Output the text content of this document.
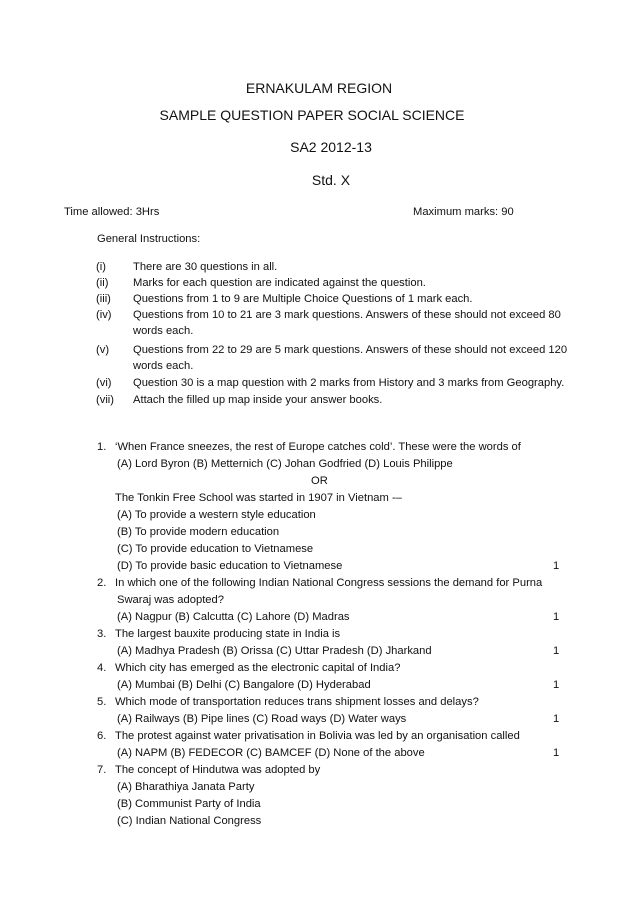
ERNAKULAM REGION
SAMPLE QUESTION PAPER SOCIAL SCIENCE
SA2 2012-13
Std. X
Time allowed: 3Hrs	Maximum marks: 90
General Instructions:
(i) There are 30 questions in all.
(ii) Marks for each question are indicated against the question.
(iii) Questions from 1 to 9 are Multiple Choice Questions of 1 mark each.
(iv) Questions from 10 to 21 are 3 mark questions. Answers of these should not exceed 80
words each.
(v) Questions from 22 to 29 are 5 mark questions. Answers of these should not exceed 120
words each.
(vi) Question 30 is a map question with 2 marks from History and 3 marks from Geography.
(vii) Attach the filled up map inside your answer books.
1. ‘When France sneezes, the rest of Europe catches cold’. These were the words of
(A) Lord Byron (B) Metternich (C) Johan Godfried (D) Louis Philippe
OR
The Tonkin Free School was started in 1907 in Vietnam -–
(A) To provide a western style education
(B) To provide modern education
(C) To provide education to Vietnamese
(D) To provide basic education to Vietnamese	1
2. In which one of the following Indian National Congress sessions the demand for Purna
Swaraj was adopted?
(A) Nagpur (B) Calcutta (C) Lahore (D) Madras	1
3. The largest bauxite producing state in India is
(A) Madhya Pradesh (B) Orissa (C) Uttar Pradesh (D) Jharkand	1
4. Which city has emerged as the electronic capital of India?
(A) Mumbai (B) Delhi (C) Bangalore (D) Hyderabad	1
5. Which mode of transportation reduces trans shipment losses and delays?
(A) Railways (B) Pipe lines (C) Road ways (D) Water ways	1
6. The protest against water privatisation in Bolivia was led by an organisation called
(A) NAPM (B) FEDECOR (C) BAMCEF (D) None of the above	1
7. The concept of Hindutwa was adopted by
(A) Bharathiya Janata Party
(B) Communist Party of India
(C) Indian National Congress
